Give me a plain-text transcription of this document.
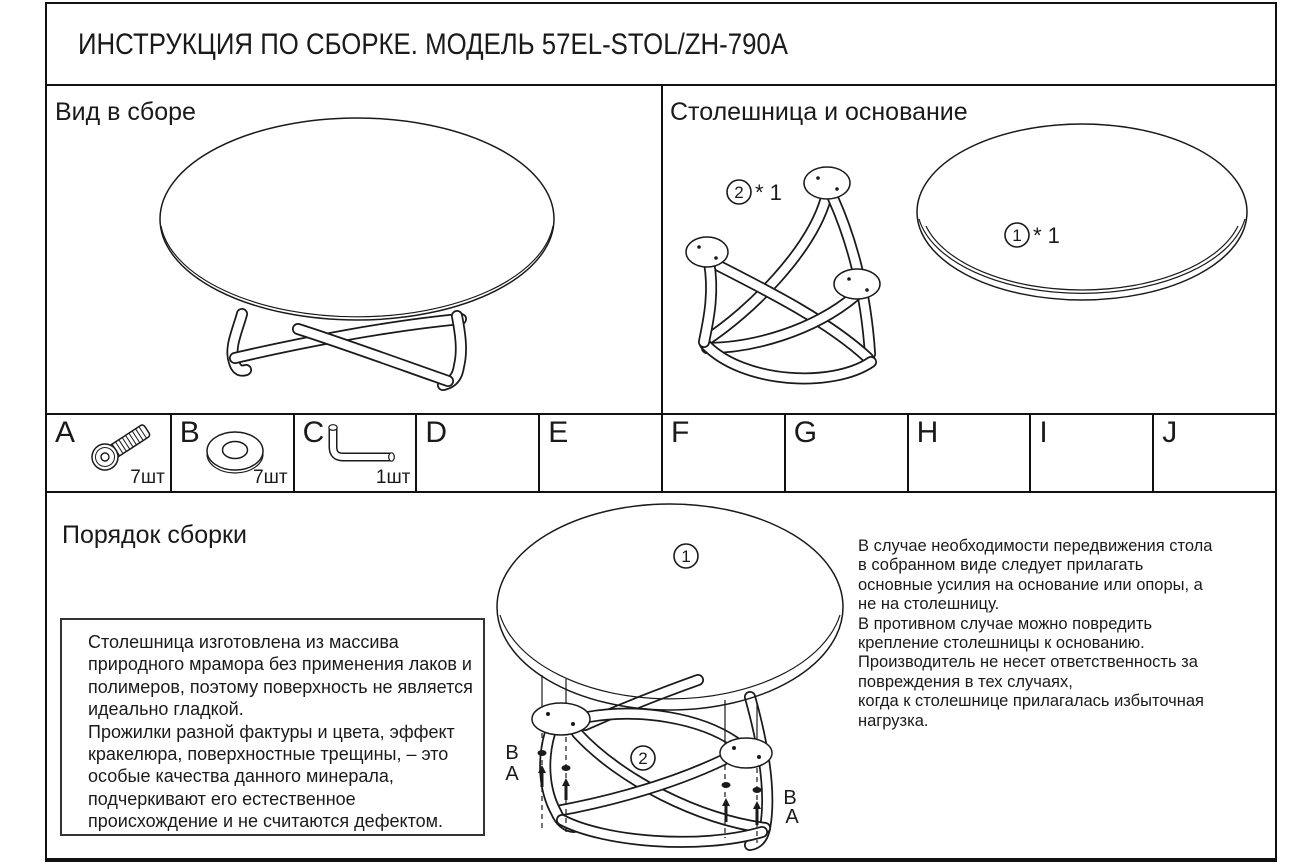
ИНСТРУКЦИЯ ПО СБОРКЕ. МОДЕЛЬ 57EL-STOL/ZH-790A
Вид в сборе
2 * 1
1 * 1
Столешница и основание
A
7шт
B
7шт
C
1шт
D	E	F	G	H	I	J
Порядок сборки
Столешница изготовлена из массива
природного мрамора без применения лаков и
полимеров, поэтому поверхность не является
идеально гладкой.
Прожилки разной фактуры и цвета, эффект
кракелюра, поверхностные трещины, – это
особые качества данного минерала,
подчеркивают его естественное
происхождение и не считаются дефектом.
В случае необходимости передвижения стола
в собранном виде следует прилагать
основные усилия на основание или опоры, а
не на столешницу.
В противном случае можно повредить
крепление столешницы к основанию.
Производитель не несет ответственность за
повреждения в тех случаях,
когда к столешнице прилагалась избыточная
нагрузка.
1
2
B
A
B
A
